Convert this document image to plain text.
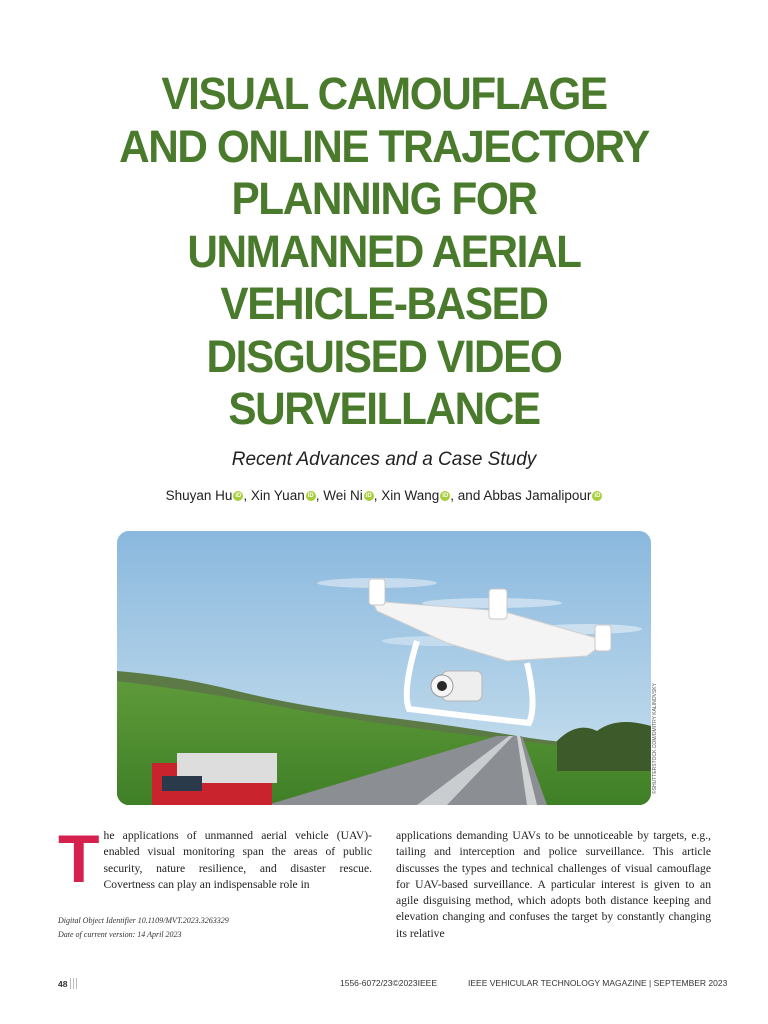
VISUAL CAMOUFLAGE
AND ONLINE TRAJECTORY
PLANNING FOR
UNMANNED AERIAL
VEHICLE-BASED
DISGUISED VIDEO
SURVEILLANCE
Recent Advances and a Case Study
Shuyan Hu iD , Xin Yuan iD , Wei Ni iD , Xin Wang iD , and Abbas Jamalipour iD
©SHUTTERSTOCK.COM/DMITRY KALINOVSKY
T he applications of unmanned aerial vehicle (UAV)-enabled visual monitoring span the areas of public security, nature resilience, and disaster rescue. Covertness can play an indispensable role in

applications demanding UAVs to be unnoticeable by targets, e.g., tailing and interception and police surveillance. This article discusses the types and technical challenges of visual camouflage for UAV-based surveillance. A particular interest is given to an agile disguising method, which adopts both distance keeping and elevation changing and confuses the target by constantly changing its relative

Digital Object Identifier 10.1109/MVT.2023.3263329
Date of current version: 14 April 2023
48	1556-6072/23©2023IEEE	IEEE VEHICULAR TECHNOLOGY MAGAZINE | SEPTEMBER 2023
